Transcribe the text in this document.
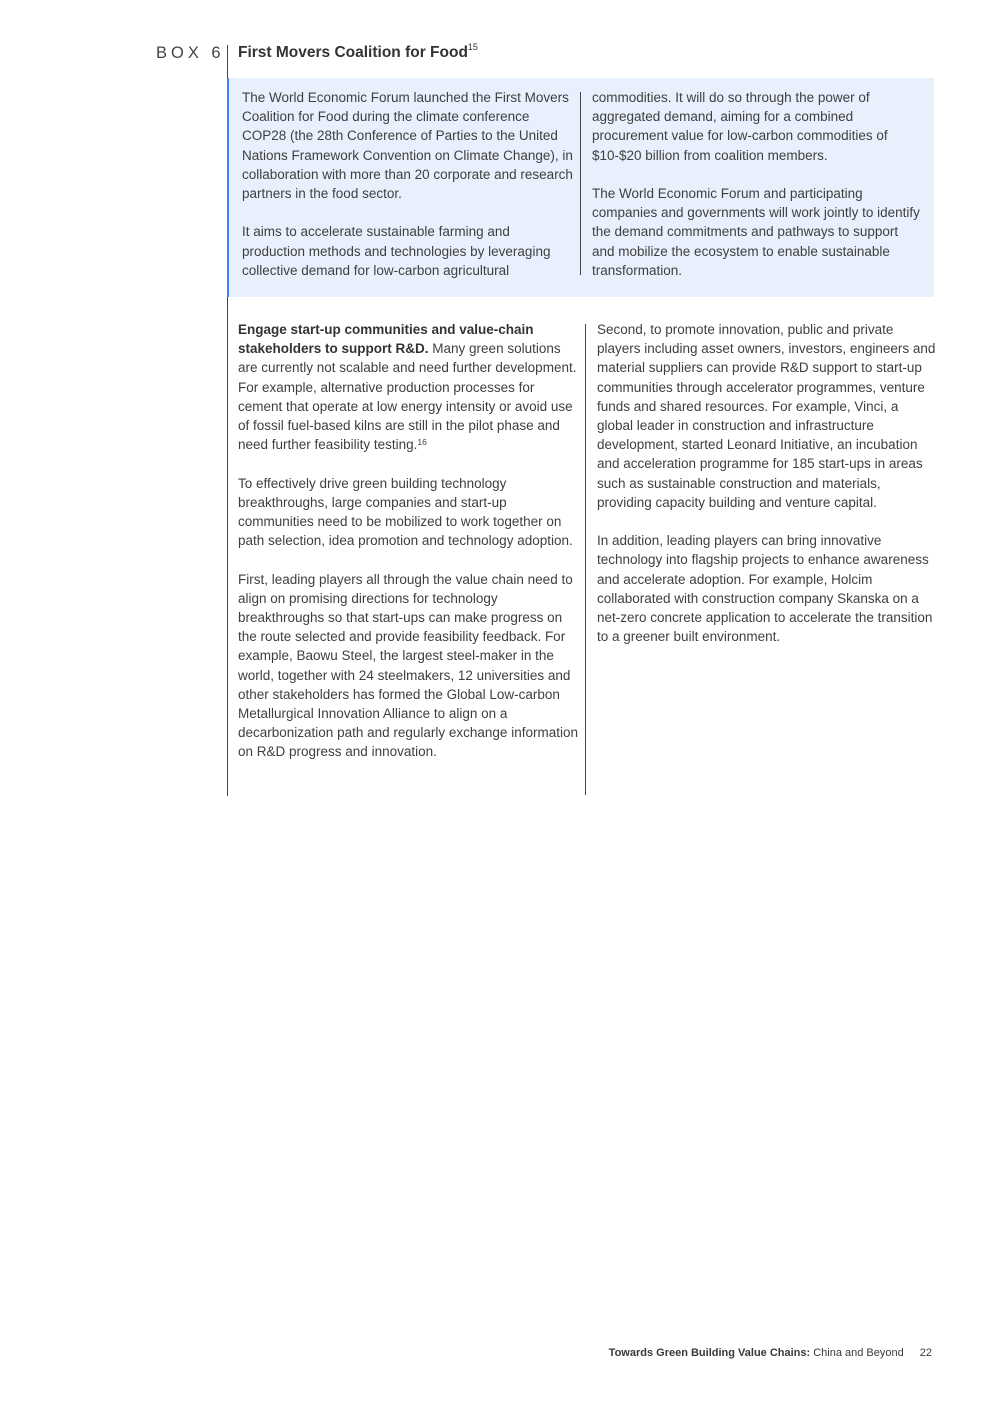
BOX 6 First Movers Coalition for Food$^{15}$

The World Economic Forum launched the First Movers Coalition for Food during the climate conference COP28 (the 28th Conference of Parties to the United Nations Framework Convention on Climate Change), in collaboration with more than 20 corporate and research partners in the food sector.

It aims to accelerate sustainable farming and production methods and technologies by leveraging collective demand for low-carbon agricultural

commodities. It will do so through the power of aggregated demand, aiming for a combined procurement value for low-carbon commodities of $10-$20 billion from coalition members.

The World Economic Forum and participating companies and governments will work jointly to identify the demand commitments and pathways to support and mobilize the ecosystem to enable sustainable transformation.

Engage start-up communities and value-chain stakeholders to support R&D. Many green solutions are currently not scalable and need further development. For example, alternative production processes for cement that operate at low energy intensity or avoid use of fossil fuel-based kilns are still in the pilot phase and need further feasibility testing.$^{16}$

To effectively drive green building technology breakthroughs, large companies and start-up communities need to be mobilized to work together on path selection, idea promotion and technology adoption.

First, leading players all through the value chain need to align on promising directions for technology breakthroughs so that start-ups can make progress on the route selected and provide feasibility feedback. For example, Baowu Steel, the largest steel-maker in the world, together with 24 steelmakers, 12 universities and other stakeholders has formed the Global Low-carbon Metallurgical Innovation Alliance to align on a decarbonization path and regularly exchange information on R&D progress and innovation.

Second, to promote innovation, public and private players including asset owners, investors, engineers and material suppliers can provide R&D support to start-up communities through accelerator programmes, venture funds and shared resources. For example, Vinci, a global leader in construction and infrastructure development, started Leonard Initiative, an incubation and acceleration programme for 185 start-ups in areas such as sustainable construction and materials, providing capacity building and venture capital.

In addition, leading players can bring innovative technology into flagship projects to enhance awareness and accelerate adoption. For example, Holcim collaborated with construction company Skanska on a net-zero concrete application to accelerate the transition to a greener built environment.

Towards Green Building Value Chains: China and Beyond 22
